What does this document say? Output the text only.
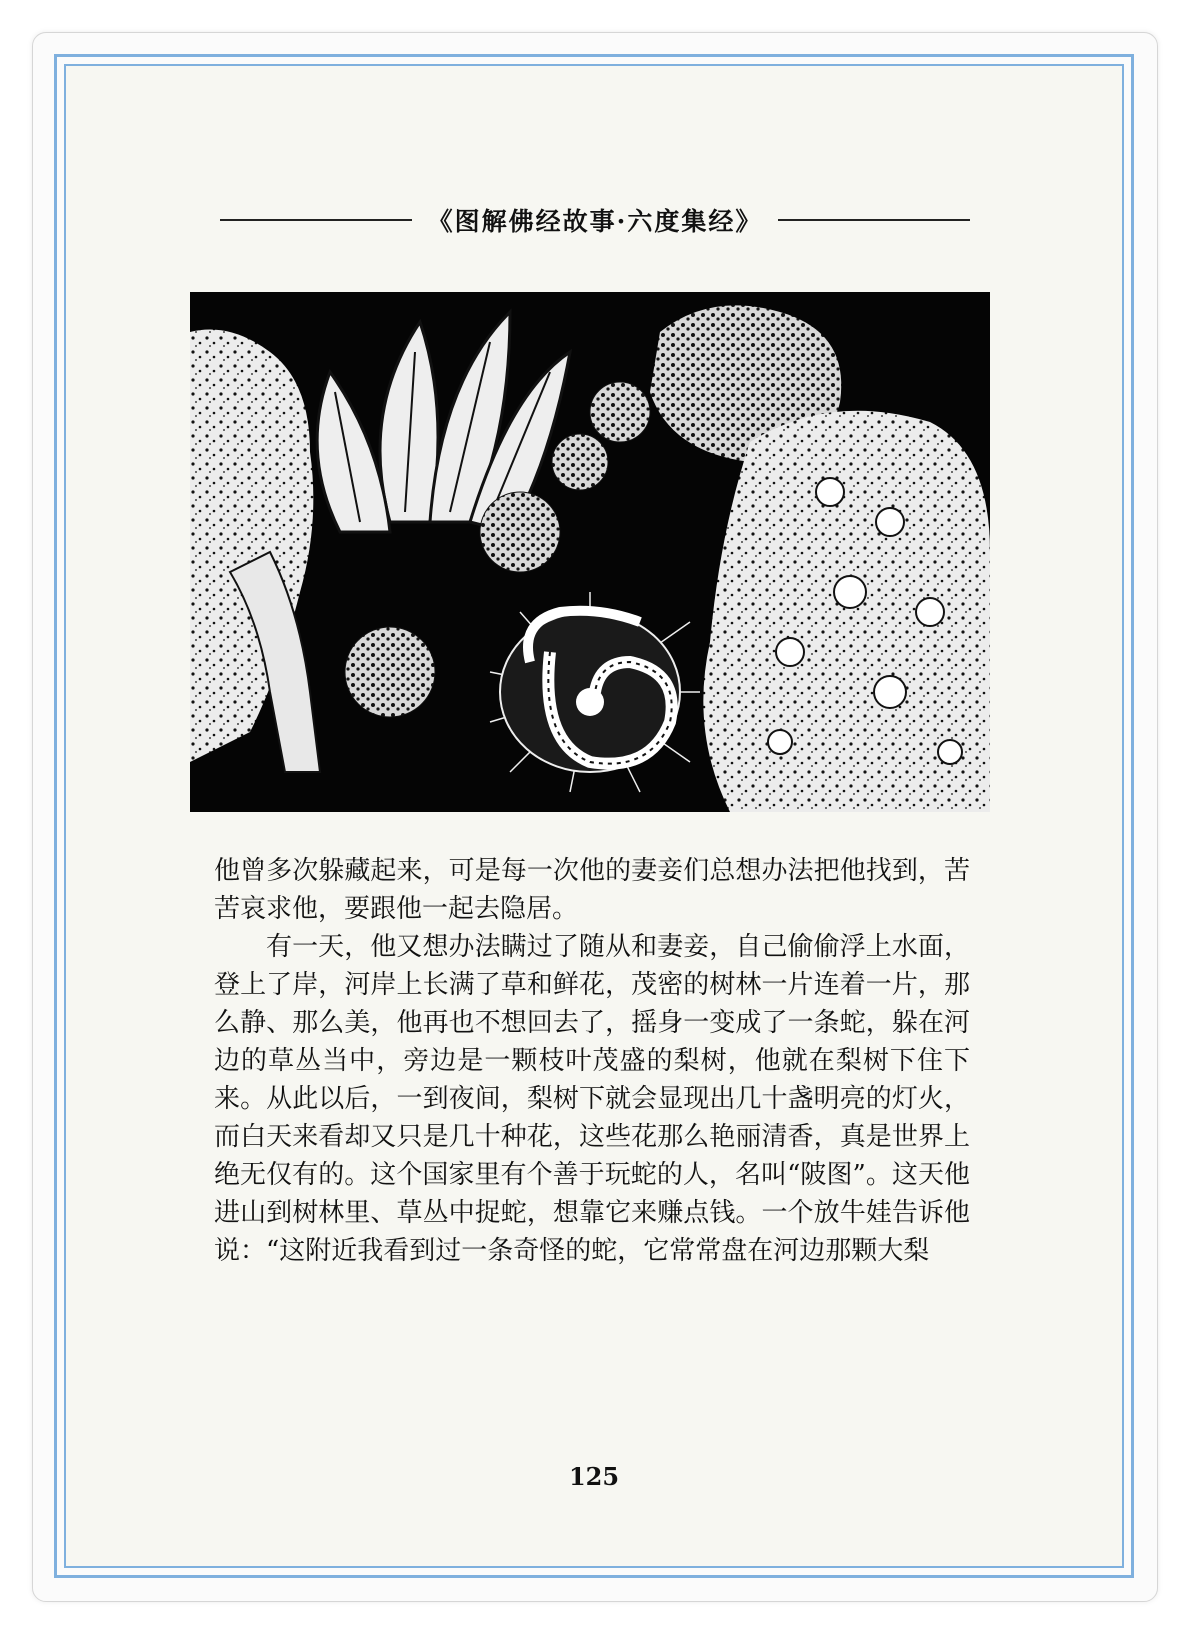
《图解佛经故事·六度集经》

他曾多次躲藏起来，可是每一次他的妻妾们总想办法把他找到，苦苦哀求他，要跟他一起去隐居。

有一天，他又想办法瞒过了随从和妻妾，自己偷偷浮上水面，登上了岸，河岸上长满了草和鲜花，茂密的树林一片连着一片，那么静、那么美，他再也不想回去了，摇身一变成了一条蛇，躲在河边的草丛当中，旁边是一颗枝叶茂盛的梨树，他就在梨树下住下来。从此以后，一到夜间，梨树下就会显现出几十盏明亮的灯火，而白天来看却又只是几十种花，这些花那么艳丽清香，真是世界上绝无仅有的。这个国家里有个善于玩蛇的人，名叫“陂图”。这天他进山到树林里、草丛中捉蛇，想靠它来赚点钱。一个放牛娃告诉他说：“这附近我看到过一条奇怪的蛇，它常常盘在河边那颗大梨

125
